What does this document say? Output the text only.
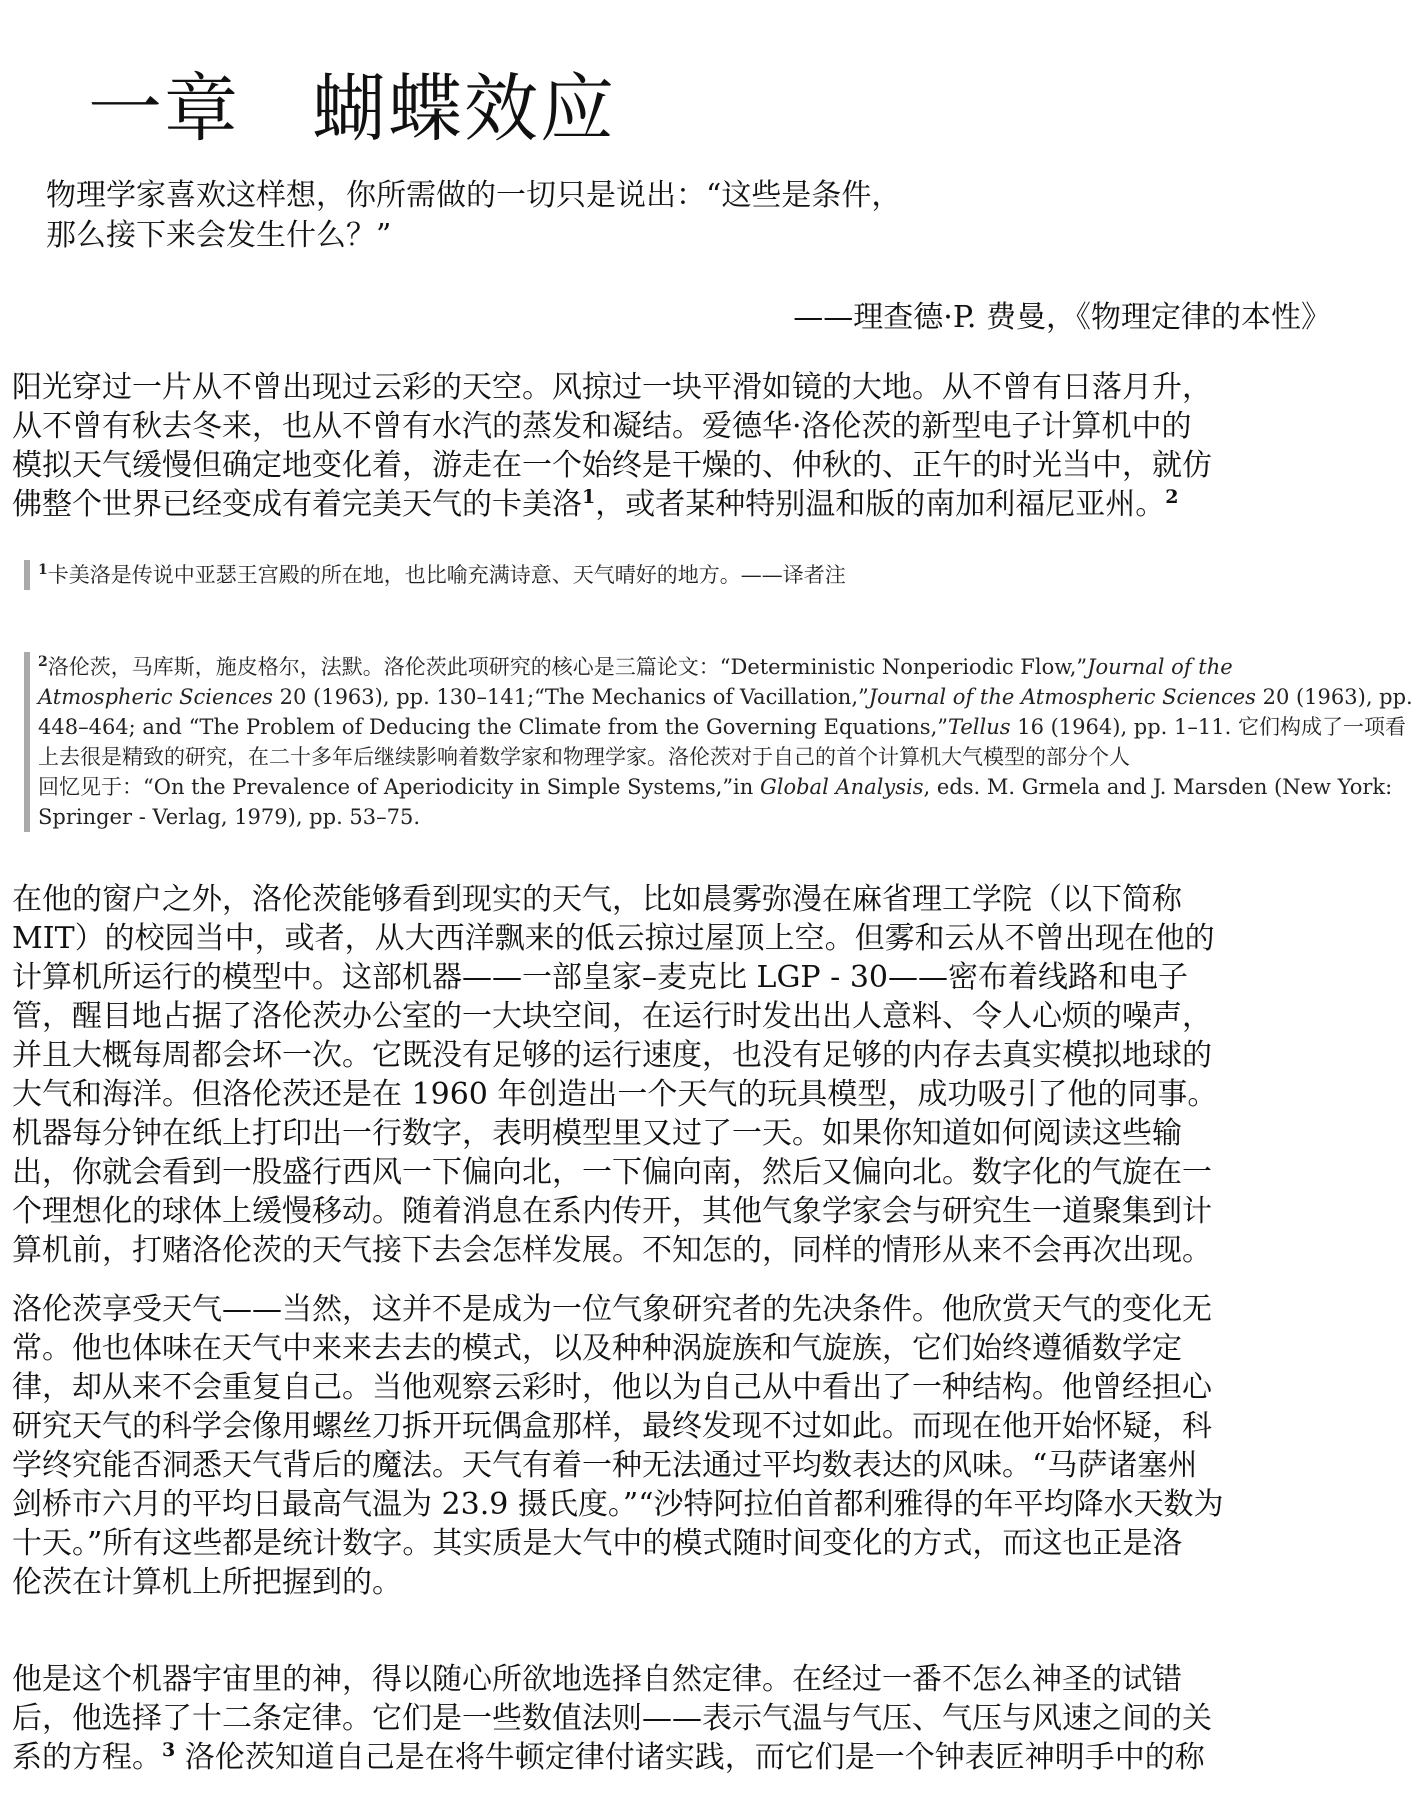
一章 蝴蝶效应
物理学家喜欢这样想，你所需做的一切只是说出：“这些是条件，
那么接下来会发生什么？”
——理查德·P. 费曼，《物理定律的本性》
阳光穿过一片从不曾出现过云彩的天空。风掠过一块平滑如镜的大地。从不曾有日落月升，
从不曾有秋去冬来，也从不曾有水汽的蒸发和凝结。爱德华·洛伦茨的新型电子计算机中的
模拟天气缓慢但确定地变化着，游走在一个始终是干燥的、仲秋的、正午的时光当中，就仿
佛整个世界已经变成有着完美天气的卡美洛$^1$，或者某种特别温和版的南加利福尼亚州。$^2$
$^1$卡美洛是传说中亚瑟王宫殿的所在地，也比喻充满诗意、天气晴好的地方。——译者注
$^2$洛伦茨，马库斯，施皮格尔，法默。洛伦茨此项研究的核心是三篇论文：“Deterministic Nonperiodic Flow,”Journal of the
Atmospheric Sciences 20 (1963), pp. 130–141;“The Mechanics of Vacillation,”Journal of the Atmospheric Sciences 20 (1963), pp.
448–464; and “The Problem of Deducing the Climate from the Governing Equations,”Tellus 16 (1964), pp. 1–11. 它们构成了一项看
上去很是精致的研究，在二十多年后继续影响着数学家和物理学家。洛伦茨对于自己的首个计算机大气模型的部分个人
回忆见于：“On the Prevalence of Aperiodicity in Simple Systems,”in Global Analysis, eds. M. Grmela and J. Marsden (New York:
Springer - Verlag, 1979), pp. 53–75.
在他的窗户之外，洛伦茨能够看到现实的天气，比如晨雾弥漫在麻省理工学院（以下简称
MIT）的校园当中，或者，从大西洋飘来的低云掠过屋顶上空。但雾和云从不曾出现在他的
计算机所运行的模型中。这部机器——一部皇家–麦克比 LGP - 30——密布着线路和电子
管，醒目地占据了洛伦茨办公室的一大块空间，在运行时发出出人意料、令人心烦的噪声，
并且大概每周都会坏一次。它既没有足够的运行速度，也没有足够的内存去真实模拟地球的
大气和海洋。但洛伦茨还是在 1960 年创造出一个天气的玩具模型，成功吸引了他的同事。
机器每分钟在纸上打印出一行数字，表明模型里又过了一天。如果你知道如何阅读这些输
出，你就会看到一股盛行西风一下偏向北，一下偏向南，然后又偏向北。数字化的气旋在一
个理想化的球体上缓慢移动。随着消息在系内传开，其他气象学家会与研究生一道聚集到计
算机前，打赌洛伦茨的天气接下去会怎样发展。不知怎的，同样的情形从来不会再次出现。
洛伦茨享受天气——当然，这并不是成为一位气象研究者的先决条件。他欣赏天气的变化无
常。他也体味在天气中来来去去的模式，以及种种涡旋族和气旋族，它们始终遵循数学定
律，却从来不会重复自己。当他观察云彩时，他以为自己从中看出了一种结构。他曾经担心
研究天气的科学会像用螺丝刀拆开玩偶盒那样，最终发现不过如此。而现在他开始怀疑，科
学终究能否洞悉天气背后的魔法。天气有着一种无法通过平均数表达的风味。“马萨诸塞州
剑桥市六月的平均日最高气温为 23.9 摄氏度。”“沙特阿拉伯首都利雅得的年平均降水天数为
十天。”所有这些都是统计数字。其实质是大气中的模式随时间变化的方式，而这也正是洛
伦茨在计算机上所把握到的。
他是这个机器宇宙里的神，得以随心所欲地选择自然定律。在经过一番不怎么神圣的试错
后，他选择了十二条定律。它们是一些数值法则——表示气温与气压、气压与风速之间的关
系的方程。$^3$ 洛伦茨知道自己是在将牛顿定律付诸实践，而它们是一个钟表匠神明手中的称
